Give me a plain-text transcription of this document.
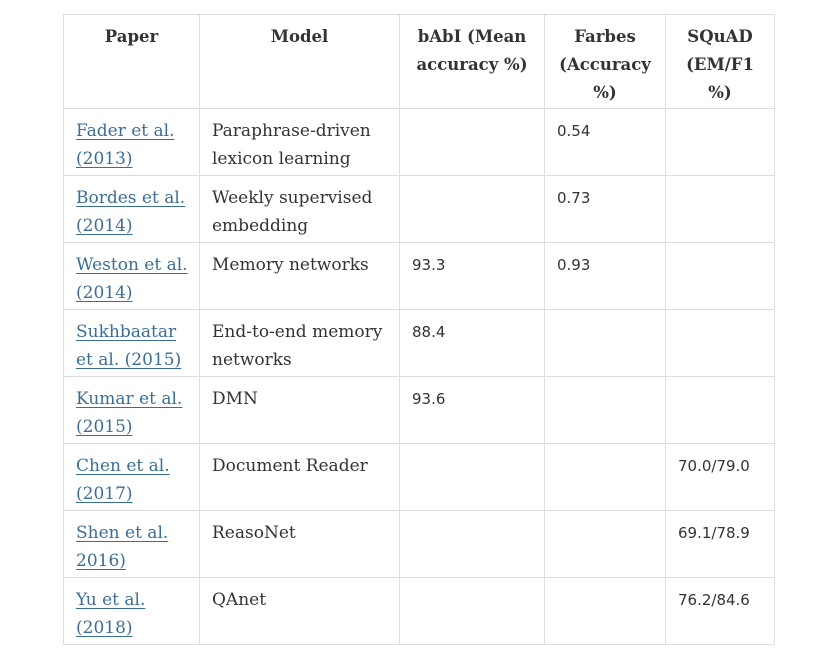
Paper	Model	bAbI (Mean accuracy %)	Farbes (Accuracy %)	SQuAD (EM/F1 %)
Fader et al. (2013)	Paraphrase-driven lexicon learning		0.54	
Bordes et al. (2014)	Weekly supervised embedding		0.73	
Weston et al. (2014)	Memory networks	93.3	0.93	
Sukhbaatar et al. (2015)	End-to-end memory networks	88.4		
Kumar et al. (2015)	DMN	93.6		
Chen et al. (2017)	Document Reader			70.0/79.0
Shen et al. 2016)	ReasoNet			69.1/78.9
Yu et al. (2018)	QAnet			76.2/84.6
